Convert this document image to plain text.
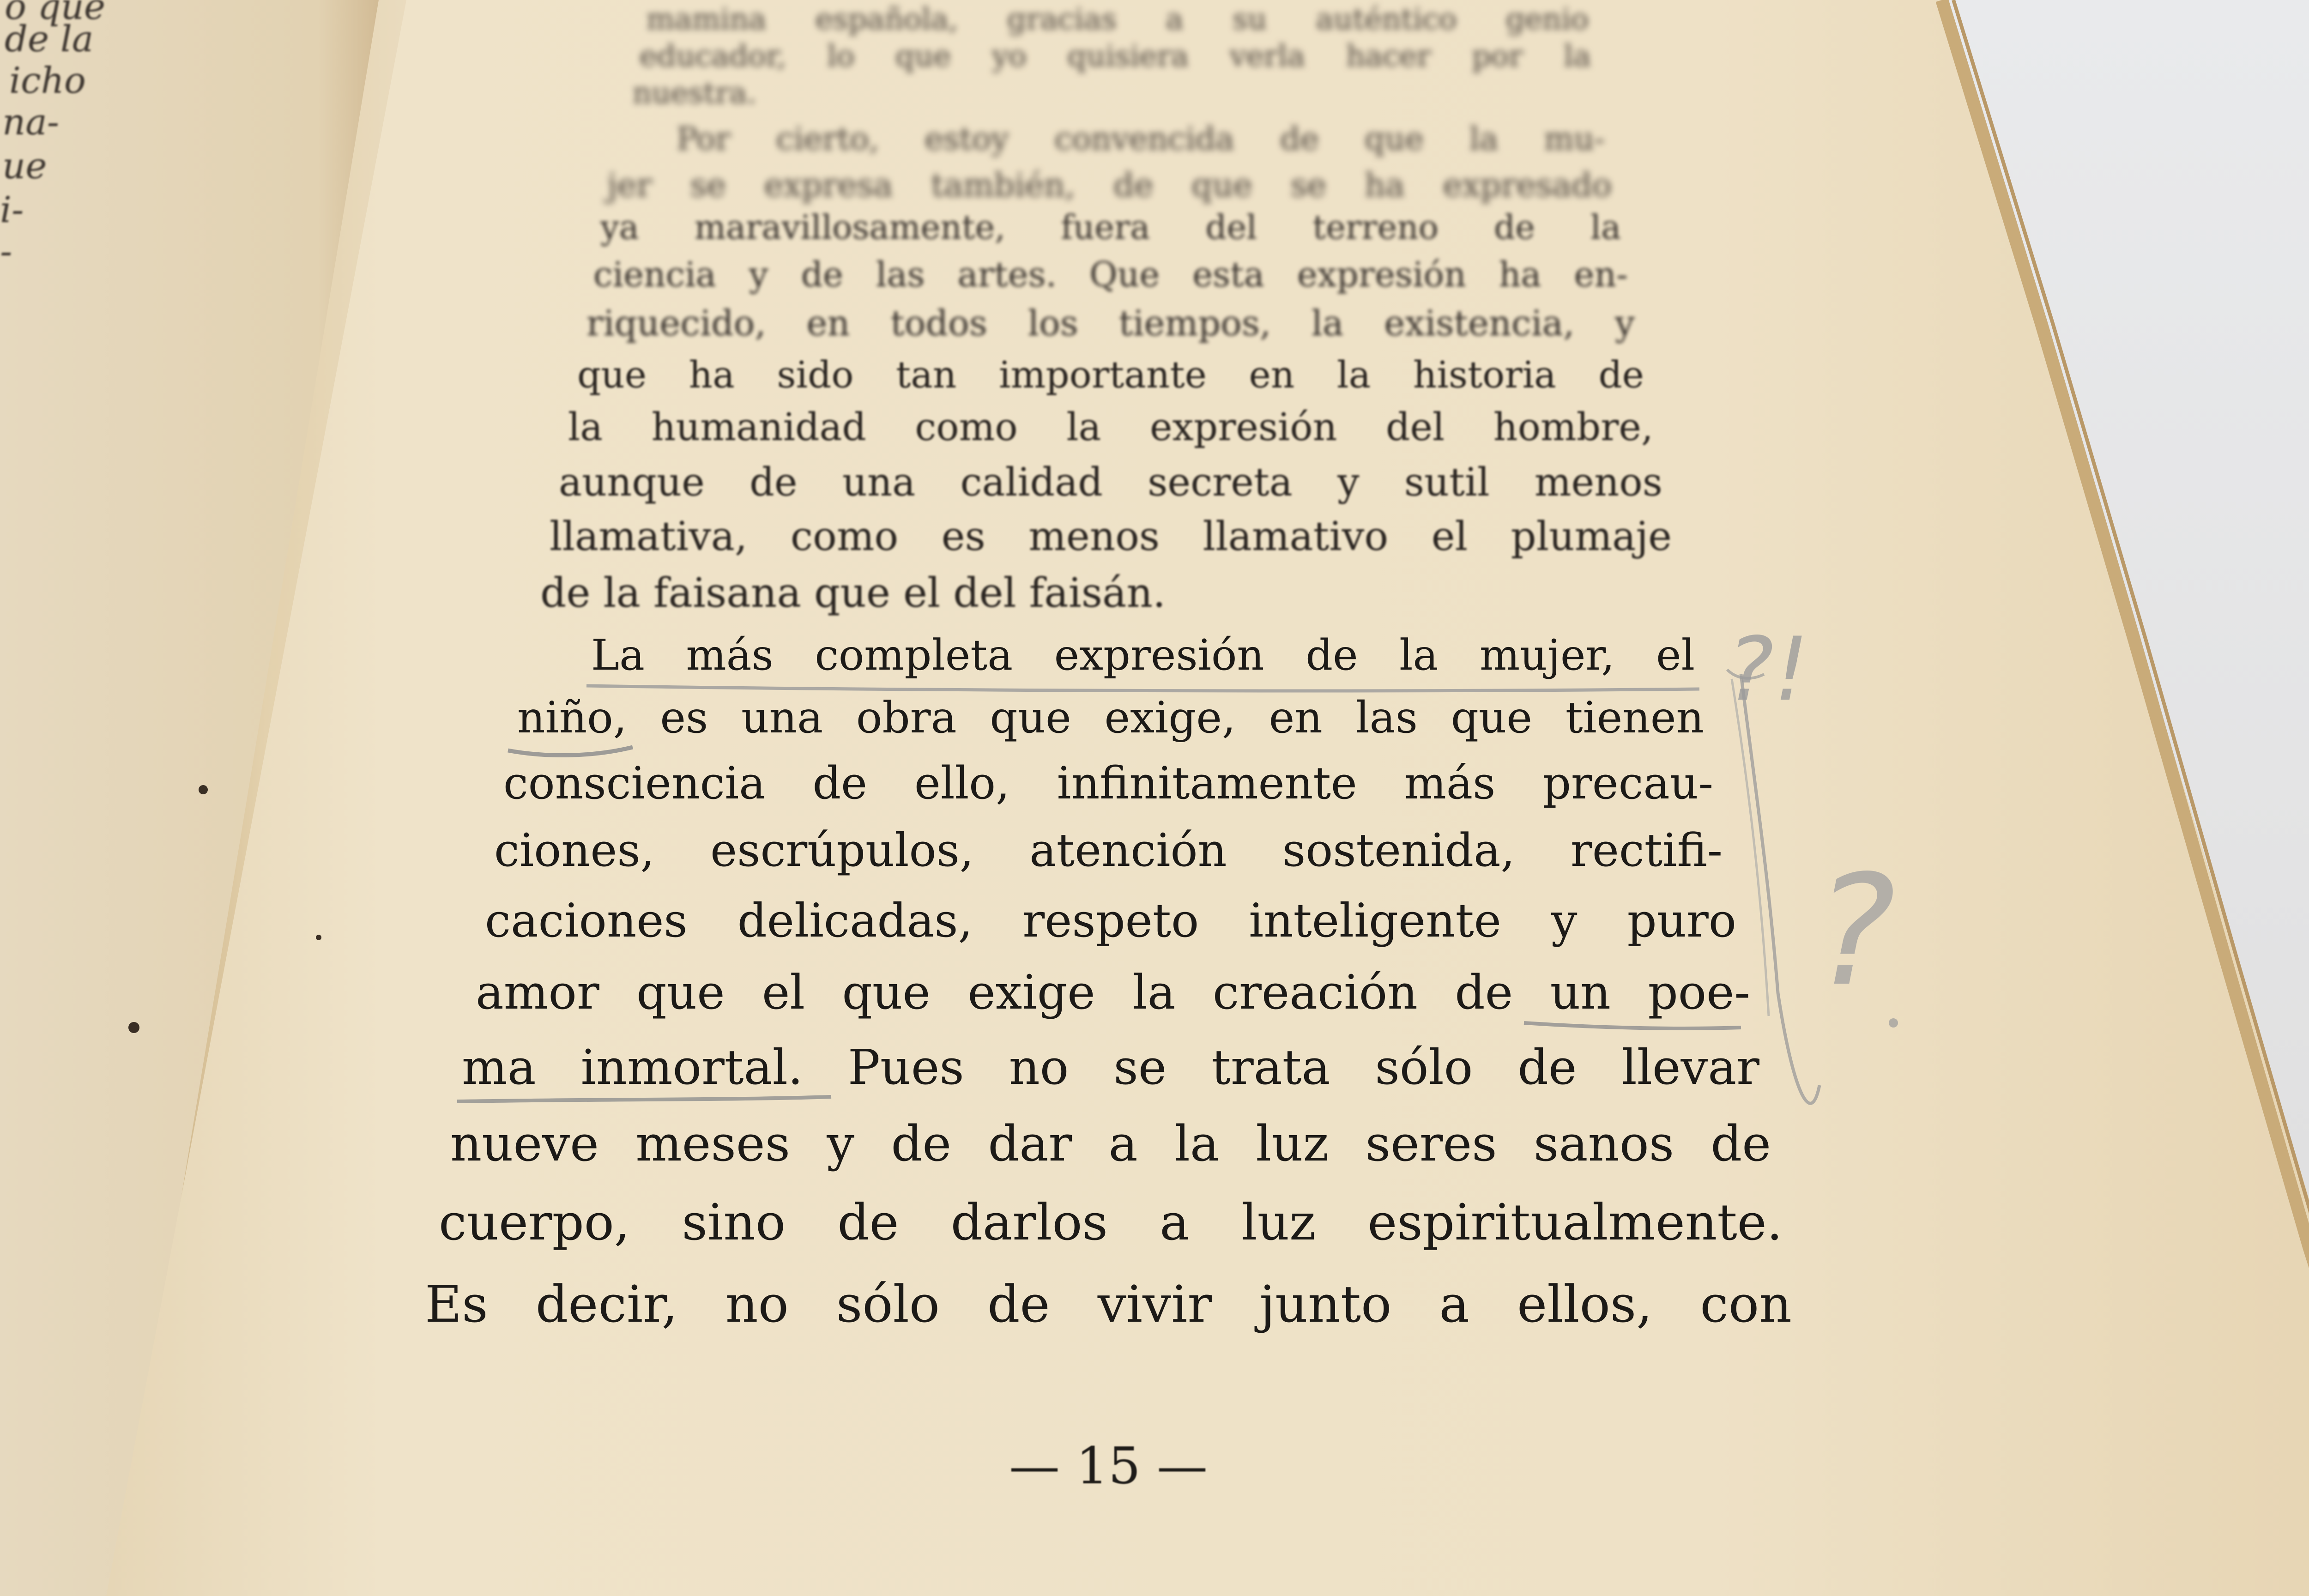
o que
de la
icho
na-
ue
i-
-
mamina española, gracias a su auténtico genio
educador, lo que yo quisiera verla hacer por la
nuestra.
Por cierto, estoy convencida de que la mu-
jer se expresa también, de que se ha expresado
ya maravillosamente, fuera del terreno de la
ciencia y de las artes. Que esta expresión ha en-
riquecido, en todos los tiempos, la existencia, y
que ha sido tan importante en la historia de
la humanidad como la expresión del hombre,
aunque de una calidad secreta y sutil menos
llamativa, como es menos llamativo el plumaje
de la faisana que el del faisán.
La más completa expresión de la mujer, el
niño, es una obra que exige, en las que tienen
consciencia de ello, infinitamente más precau-
ciones, escrúpulos, atención sostenida, rectifi-
caciones delicadas, respeto inteligente y puro
amor que el que exige la creación de un poe-
ma inmortal. Pues no se trata sólo de llevar
nueve meses y de dar a la luz seres sanos de
cuerpo, sino de darlos a luz espiritualmente.
Es decir, no sólo de vivir junto a ellos, con
— 15 —
?!
?
